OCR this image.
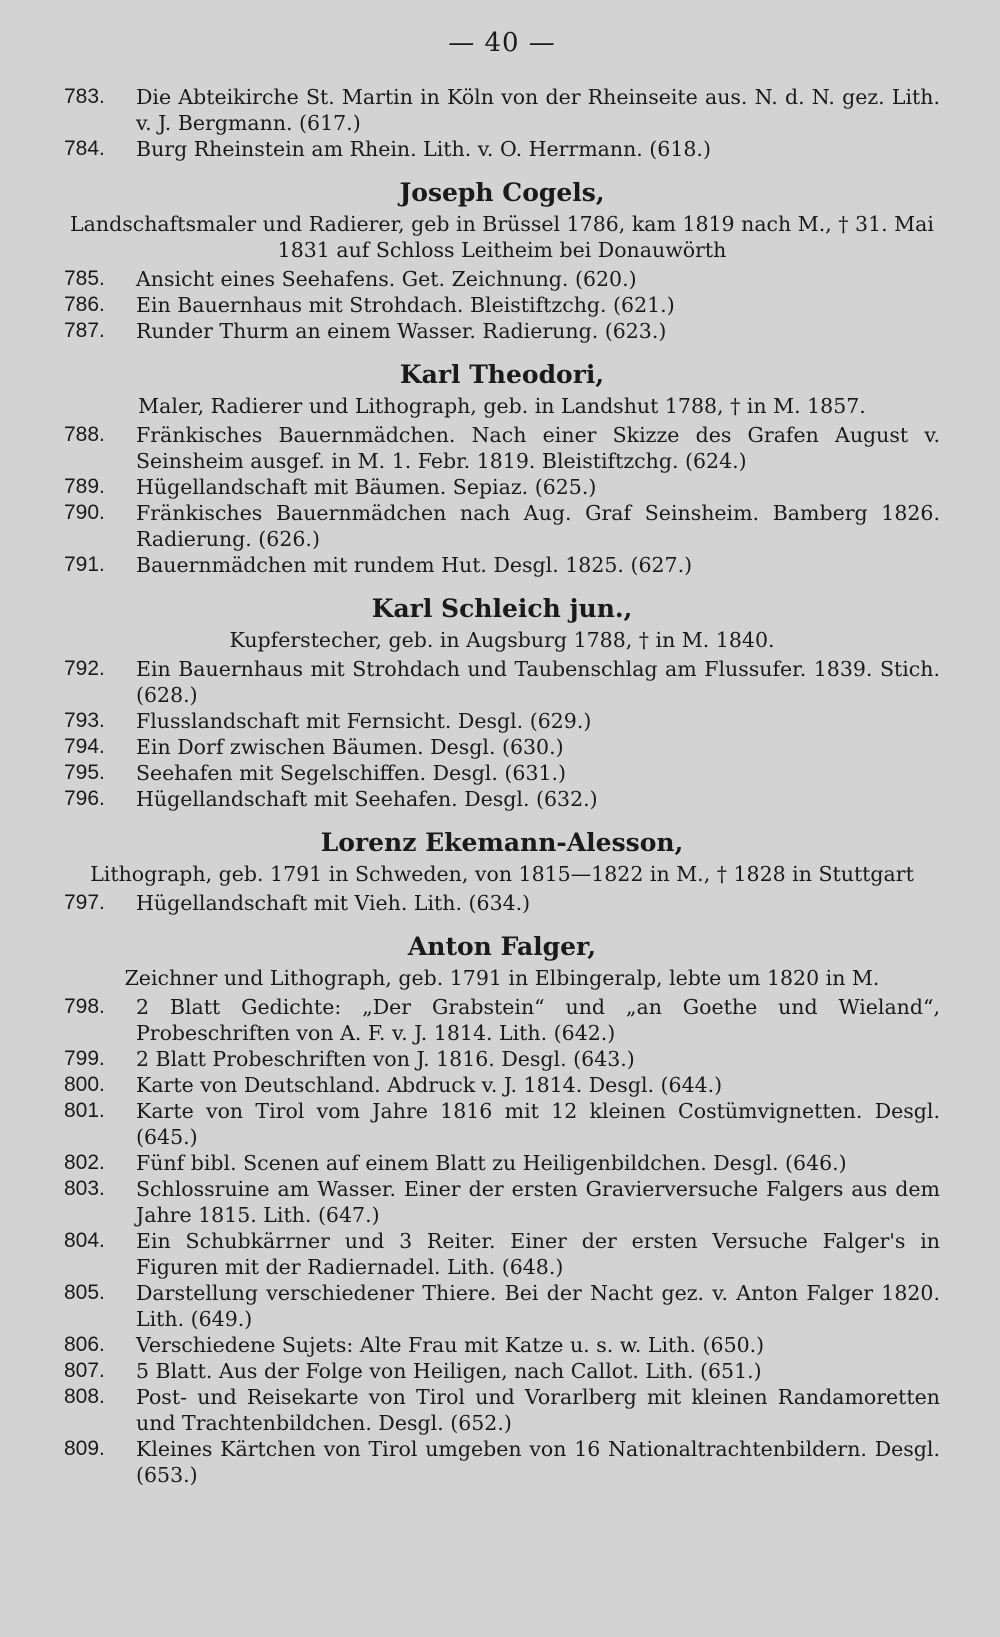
— 40 —
783.	Die Abteikirche St. Martin in Köln von der Rheinseite aus. N. d. N. gez. Lith. v. J. Bergmann. (617.)
784.	Burg Rheinstein am Rhein. Lith. v. O. Herrmann. (618.)
Joseph Cogels,
Landschaftsmaler und Radierer, geb in Brüssel 1786, kam 1819 nach M., † 31. Mai 1831 auf Schloss Leitheim bei Donauwörth
785.	Ansicht eines Seehafens. Get. Zeichnung. (620.)
786.	Ein Bauernhaus mit Strohdach. Bleistiftzchg. (621.)
787.	Runder Thurm an einem Wasser. Radierung. (623.)
Karl Theodori,
Maler, Radierer und Lithograph, geb. in Landshut 1788, † in M. 1857.
788.	Fränkisches Bauernmädchen. Nach einer Skizze des Grafen August v. Seinsheim ausgef. in M. 1. Febr. 1819. Bleistiftzchg. (624.)
789.	Hügellandschaft mit Bäumen. Sepiaz. (625.)
790.	Fränkisches Bauernmädchen nach Aug. Graf Seinsheim. Bamberg 1826. Radierung. (626.)
791.	Bauernmädchen mit rundem Hut. Desgl. 1825. (627.)
Karl Schleich jun.,
Kupferstecher, geb. in Augsburg 1788, † in M. 1840.
792.	Ein Bauernhaus mit Strohdach und Taubenschlag am Flussufer. 1839. Stich. (628.)
793.	Flusslandschaft mit Fernsicht. Desgl. (629.)
794.	Ein Dorf zwischen Bäumen. Desgl. (630.)
795.	Seehafen mit Segelschiffen. Desgl. (631.)
796.	Hügellandschaft mit Seehafen. Desgl. (632.)
Lorenz Ekemann-Alesson,
Lithograph, geb. 1791 in Schweden, von 1815—1822 in M., † 1828 in Stuttgart
797.	Hügellandschaft mit Vieh. Lith. (634.)
Anton Falger,
Zeichner und Lithograph, geb. 1791 in Elbingeralp, lebte um 1820 in M.
798.	2 Blatt Gedichte: „Der Grabstein“ und „an Goethe und Wieland“, Probeschriften von A. F. v. J. 1814. Lith. (642.)
799.	2 Blatt Probeschriften von J. 1816. Desgl. (643.)
800.	Karte von Deutschland. Abdruck v. J. 1814. Desgl. (644.)
801.	Karte von Tirol vom Jahre 1816 mit 12 kleinen Costümvignetten. Desgl. (645.)
802.	Fünf bibl. Scenen auf einem Blatt zu Heiligenbildchen. Desgl. (646.)
803.	Schlossruine am Wasser. Einer der ersten Gravierversuche Falgers aus dem Jahre 1815. Lith. (647.)
804.	Ein Schubkärrner und 3 Reiter. Einer der ersten Versuche Falger's in Figuren mit der Radiernadel. Lith. (648.)
805.	Darstellung verschiedener Thiere. Bei der Nacht gez. v. Anton Falger 1820. Lith. (649.)
806.	Verschiedene Sujets: Alte Frau mit Katze u. s. w. Lith. (650.)
807.	5 Blatt. Aus der Folge von Heiligen, nach Callot. Lith. (651.)
808.	Post- und Reisekarte von Tirol und Vorarlberg mit kleinen Randamoretten und Trachtenbildchen. Desgl. (652.)
809.	Kleines Kärtchen von Tirol umgeben von 16 Nationaltrachtenbildern. Desgl. (653.)
